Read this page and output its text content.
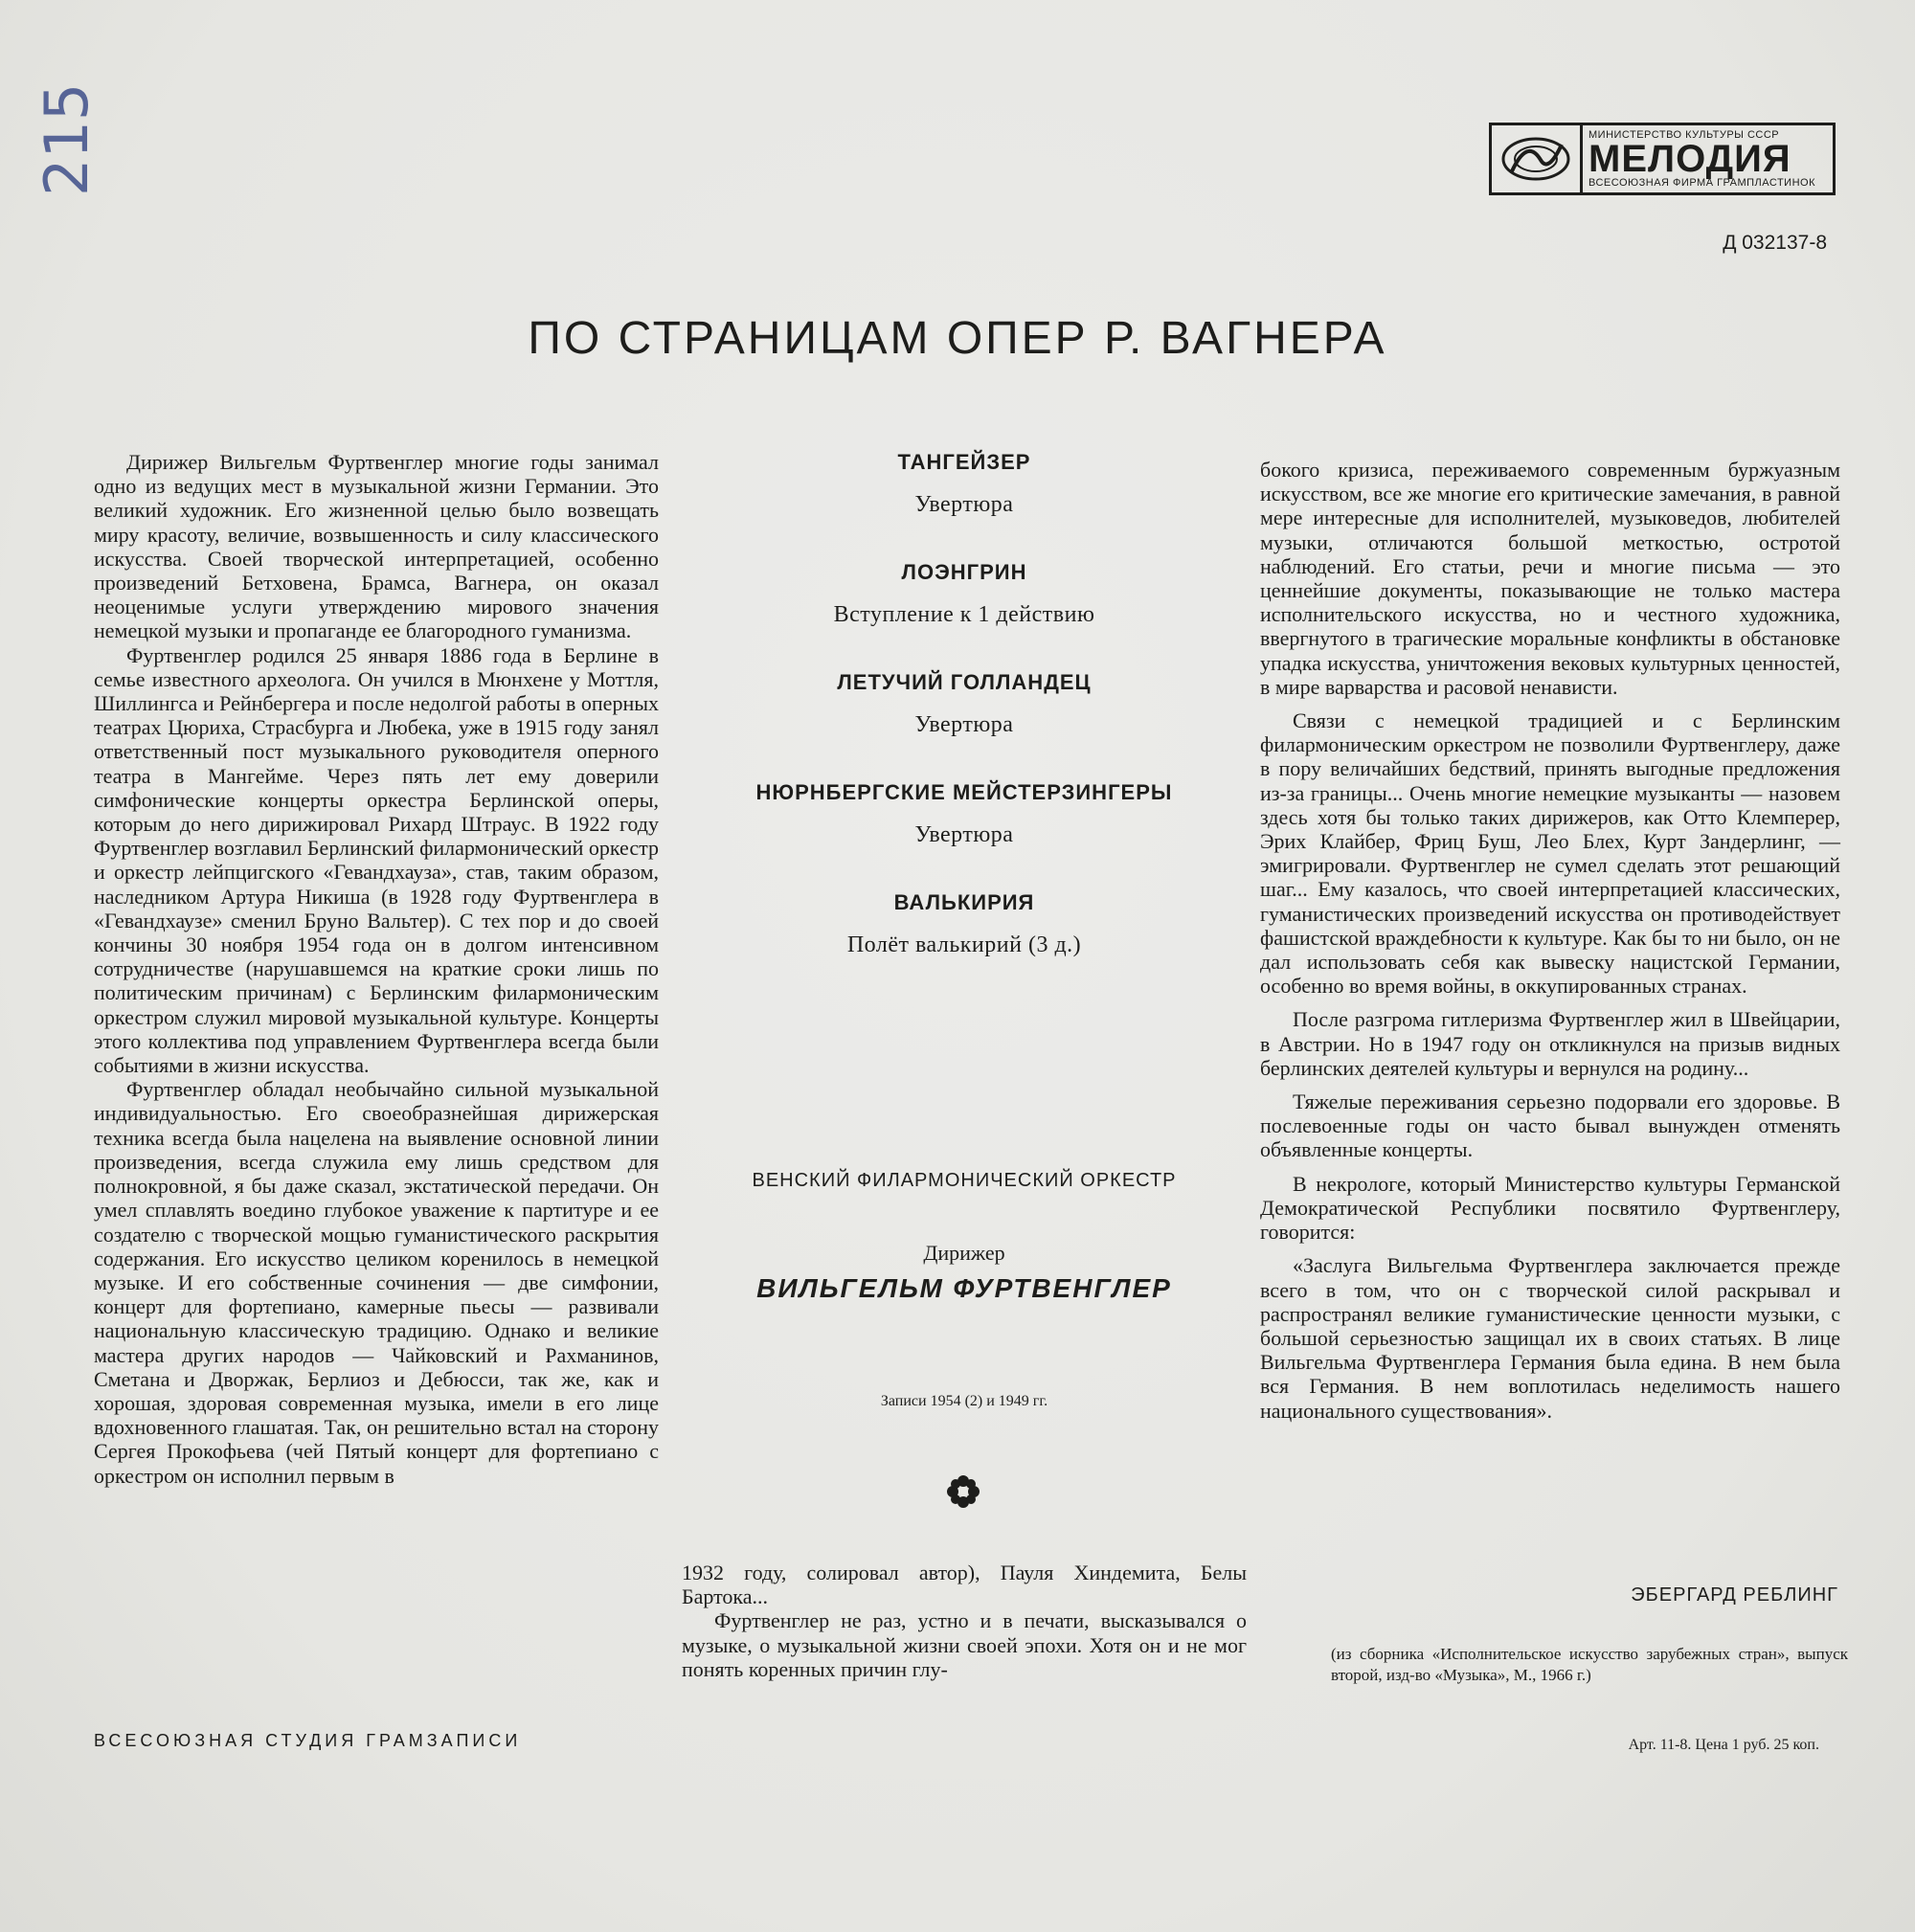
215	МИНИСТЕРСТВО КУЛЬТУРЫ СССР
МЕЛОДИЯ
ВСЕСОЮЗНАЯ ФИРМА ГРАМПЛАСТИНОК
Д 032137-8
ПО СТРАНИЦАМ ОПЕР Р. ВАГНЕРА

Дирижер Вильгельм Фуртвенглер многие годы занимал одно из ведущих мест в музыкальной жизни Германии. Это великий художник. Его жизненной целью было возвещать миру красоту, величие, возвышенность и силу классического искусства. Своей творческой интерпретацией, особенно произведений Бетховена, Брамса, Вагнера, он оказал неоценимые услуги утверждению мирового значения немецкой музыки и пропаганде ее благородного гуманизма.

Фуртвенглер родился 25 января 1886 года в Берлине в семье известного археолога. Он учился в Мюнхене у Моттля, Шиллингса и Рейнбергера и после недолгой работы в оперных театрах Цюриха, Страсбурга и Любека, уже в 1915 году занял ответственный пост музыкального руководителя оперного театра в Мангейме. Через пять лет ему доверили симфонические концерты оркестра Берлинской оперы, которым до него дирижировал Рихард Штраус. В 1922 году Фуртвенглер возглавил Берлинский филармонический оркестр и оркестр лейпцигского «Гевандхауза», став, таким образом, наследником Артура Никиша (в 1928 году Фуртвенглера в «Гевандхаузе» сменил Бруно Вальтер). С тех пор и до своей кончины 30 ноября 1954 года он в долгом интенсивном сотрудничестве (нарушавшемся на краткие сроки лишь по политическим причинам) с Берлинским филармоническим оркестром служил мировой музыкальной культуре. Концерты этого коллектива под управлением Фуртвенглера всегда были событиями в жизни искусства.

Фуртвенглер обладал необычайно сильной музыкальной индивидуальностью. Его своеобразнейшая дирижерская техника всегда была нацелена на выявление основной линии произведения, всегда служила ему лишь средством для полнокровной, я бы даже сказал, экстатической передачи. Он умел сплавлять воедино глубокое уважение к партитуре и ее создателю с творческой мощью гуманистического раскрытия содержания. Его искусство целиком коренилось в немецкой музыке. И его собственные сочинения — две симфонии, концерт для фортепиано, камерные пьесы — развивали национальную классическую традицию. Однако и великие мастера других народов — Чайковский и Рахманинов, Сметана и Дворжак, Берлиоз и Дебюсси, так же, как и хорошая, здоровая современная музыка, имели в его лице вдохновенного глашатая. Так, он решительно встал на сторону Сергея Прокофьева (чей Пятый концерт для фортепиано с оркестром он исполнил первым в

ТАНГЕЙЗЕР
Увертюра
ЛОЭНГРИН
Вступление к 1 действию
ЛЕТУЧИЙ ГОЛЛАНДЕЦ
Увертюра
НЮРНБЕРГСКИЕ МЕЙСТЕРЗИНГЕРЫ
Увертюра
ВАЛЬКИРИЯ
Полёт валькирий (3 д.)
ВЕНСКИЙ ФИЛАРМОНИЧЕСКИЙ ОРКЕСТР
Дирижер
ВИЛЬГЕЛЬМ ФУРТВЕНГЛЕР
Записи 1954 (2) и 1949 гг.

1932 году, солировал автор), Пауля Хиндемита, Белы Бартока...

Фуртвенглер не раз, устно и в печати, высказывался о музыке, о музыкальной жизни своей эпохи. Хотя он и не мог понять коренных причин глу-

бокого кризиса, переживаемого современным буржуазным искусством, все же многие его критические замечания, в равной мере интересные для исполнителей, музыковедов, любителей музыки, отличаются большой меткостью, остротой наблюдений. Его статьи, речи и многие письма — это ценнейшие документы, показывающие не только мастера исполнительского искусства, но и честного художника, ввергнутого в трагические моральные конфликты в обстановке упадка искусства, уничтожения вековых культурных ценностей, в мире варварства и расовой ненависти.

Связи с немецкой традицией и с Берлинским филармоническим оркестром не позволили Фуртвенглеру, даже в пору величайших бедствий, принять выгодные предложения из-за границы... Очень многие немецкие музыканты — назовем здесь хотя бы только таких дирижеров, как Отто Клемперер, Эрих Клайбер, Фриц Буш, Лео Блех, Курт Зандерлинг, — эмигрировали. Фуртвенглер не сумел сделать этот решающий шаг... Ему казалось, что своей интерпретацией классических, гуманистических произведений искусства он противодействует фашистской враждебности к культуре. Как бы то ни было, он не дал использовать себя как вывеску нацистской Германии, особенно во время войны, в оккупированных странах.

После разгрома гитлеризма Фуртвенглер жил в Швейцарии, в Австрии. Но в 1947 году он откликнулся на призыв видных берлинских деятелей культуры и вернулся на родину...

Тяжелые переживания серьезно подорвали его здоровье. В послевоенные годы он часто бывал вынужден отменять объявленные концерты.

В некрологе, который Министерство культуры Германской Демократической Республики посвятило Фуртвенглеру, говорится:

«Заслуга Вильгельма Фуртвенглера заключается прежде всего в том, что он с творческой силой раскрывал и распространял великие гуманистические ценности музыки, с большой серьезностью защищал их в своих статьях. В лице Вильгельма Фуртвенглера Германия была едина. В нем была вся Германия. В нем воплотилась неделимость нашего национального существования».

ЭБЕРГАРД РЕБЛИНГ
(из сборника «Исполнительское искусство зарубежных стран», выпуск второй, изд-во «Музыка», М., 1966 г.)
ВСЕСОЮЗНАЯ СТУДИЯ ГРАМЗАПИСИ	Арт. 11-8. Цена 1 руб. 25 коп.
